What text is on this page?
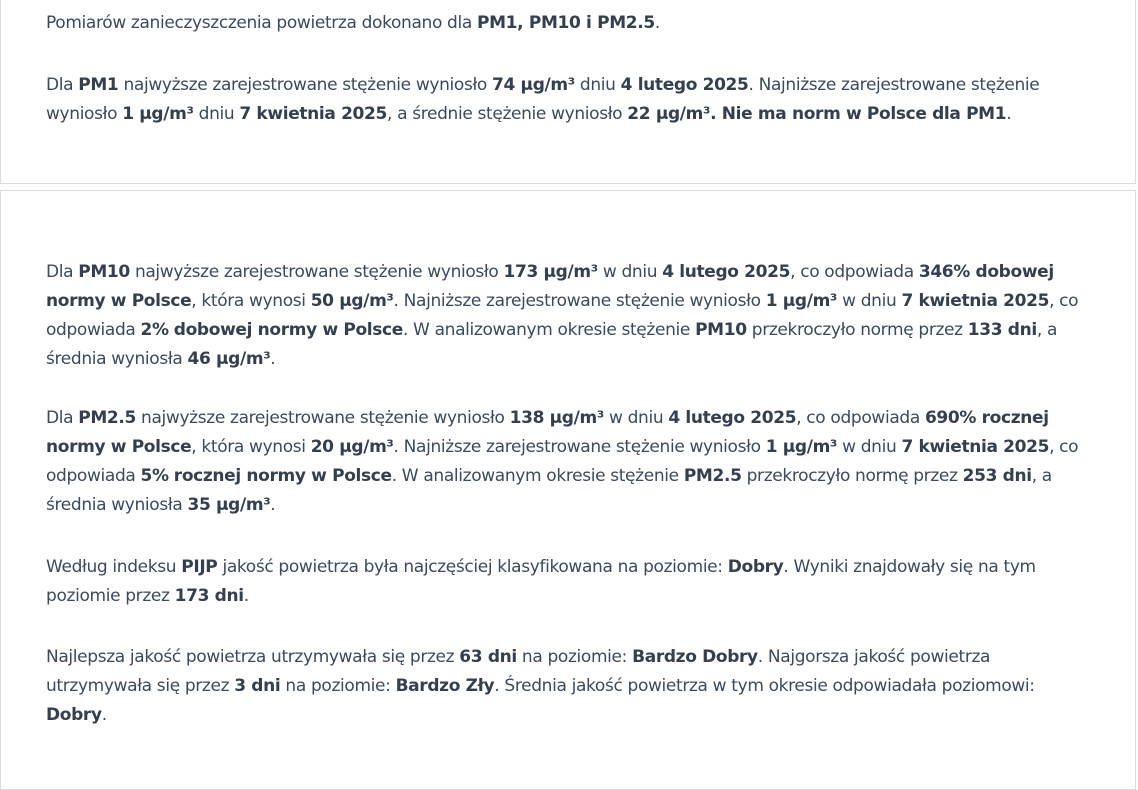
Pomiarów zanieczyszczenia powietrza dokonano dla PM1, PM10 i PM2.5.

Dla PM1 najwyższe zarejestrowane stężenie wyniosło 74 µg/m³ dniu 4 lutego 2025. Najniższe zarejestrowane stężenie wyniosło 1 µg/m³ dniu 7 kwietnia 2025, a średnie stężenie wyniosło 22 µg/m³. Nie ma norm w Polsce dla PM1.

Dla PM10 najwyższe zarejestrowane stężenie wyniosło 173 µg/m³ w dniu 4 lutego 2025, co odpowiada 346% dobowej normy w Polsce, która wynosi 50 µg/m³. Najniższe zarejestrowane stężenie wyniosło 1 µg/m³ w dniu 7 kwietnia 2025, co odpowiada 2% dobowej normy w Polsce. W analizowanym okresie stężenie PM10 przekroczyło normę przez 133 dni, a średnia wyniosła 46 µg/m³.

Dla PM2.5 najwyższe zarejestrowane stężenie wyniosło 138 µg/m³ w dniu 4 lutego 2025, co odpowiada 690% rocznej normy w Polsce, która wynosi 20 µg/m³. Najniższe zarejestrowane stężenie wyniosło 1 µg/m³ w dniu 7 kwietnia 2025, co odpowiada 5% rocznej normy w Polsce. W analizowanym okresie stężenie PM2.5 przekroczyło normę przez 253 dni, a średnia wyniosła 35 µg/m³.

Według indeksu PIJP jakość powietrza była najczęściej klasyfikowana na poziomie: Dobry. Wyniki znajdowały się na tym poziomie przez 173 dni.

Najlepsza jakość powietrza utrzymywała się przez 63 dni na poziomie: Bardzo Dobry. Najgorsza jakość powietrza utrzymywała się przez 3 dni na poziomie: Bardzo Zły. Średnia jakość powietrza w tym okresie odpowiadała poziomowi: Dobry.
